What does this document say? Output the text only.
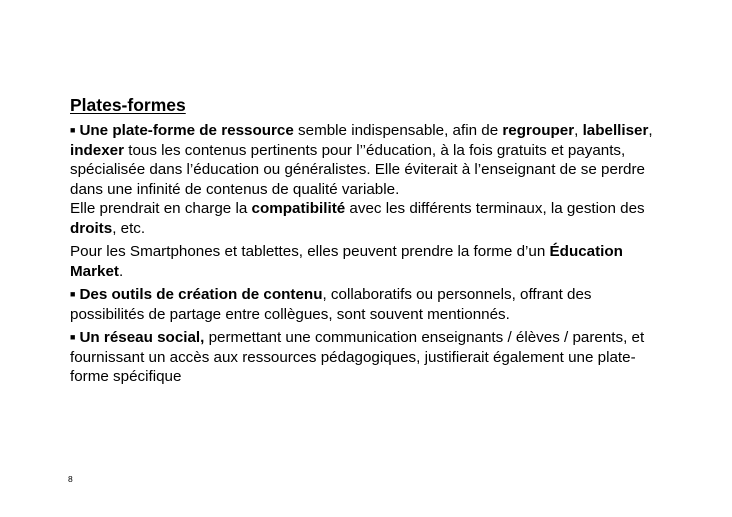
Plates-formes

■ Une plate-forme de ressource semble indispensable, afin de regrouper, labelliser, indexer tous les contenus pertinents pour l’’éducation, à la fois gratuits et payants, spécialisée dans l’éducation ou généralistes. Elle éviterait à l’enseignant de se perdre dans une infinité de contenus de qualité variable.

Elle prendrait en charge la compatibilité avec les différents terminaux, la gestion des droits, etc.

Pour les Smartphones et tablettes, elles peuvent prendre la forme d’un Éducation Market.

■ Des outils de création de contenu, collaboratifs ou personnels, offrant des possibilités de partage entre collègues, sont souvent mentionnés.

■ Un réseau social, permettant une communication enseignants / élèves / parents, et fournissant un accès aux ressources pédagogiques, justifierait également une plate-forme spécifique

8
